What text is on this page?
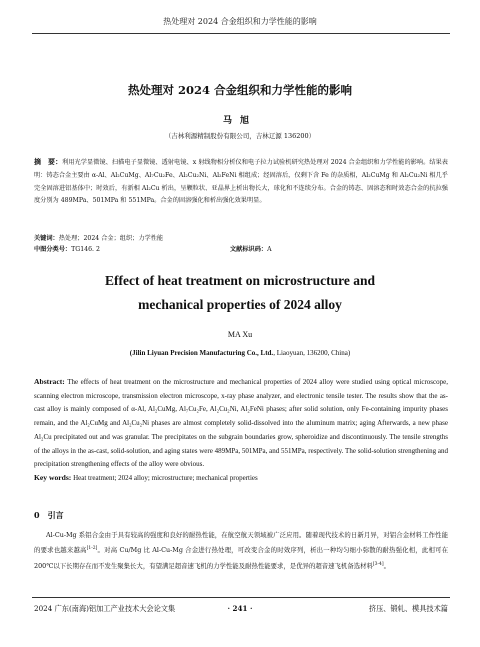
热处理对 2024 合金组织和力学性能的影响
热处理对 2024 合金组织和力学性能的影响
马旭
（吉林利源精制股份有限公司，吉林辽源 136200）
摘　要：利用光学显微镜、扫描电子显微镜、透射电镜、x 射线物相分析仪和电子拉力试验机研究热处理对 2024 合金组织和力学性能的影响。结果表明：铸态合金主要由 α-Al、Al₂CuMg、Al₇Cu₂Fe、Al₂Cu₂Ni、Al₂FeNi 相组成；经固溶后，仅剩下含 Fe 的杂质相，Al₂CuMg 和 Al₂Cu₂Ni 相几乎完全固溶进铝基体中；时效后，有新相 Al₂Cu 析出，呈颗粒状、亚晶界上析出物长大，球化和不连续分布。合金的铸态、固溶态和时效态合金的抗拉强度分别为 489MPa、501MPa 和 551MPa。合金的固溶强化和析出强化效果明显。
关键词：热处理；2024 合金；组织；力学性能
中图分类号：TG146. 2	文献标识码：A
Effect of heat treatment on microstructure and
mechanical properties of 2024 alloy
MA Xu
(Jilin Liyuan Precision Manufacturing Co., Ltd., Liaoyuan, 136200, China)
Abstract: The effects of heat treatment on the microstructure and mechanical properties of 2024 alloy were studied using optical microscope, scanning electron microscope, transmission electron microscope, x-ray phase analyzer, and electronic tensile tester. The results show that the as-cast alloy is mainly composed of α-Al, Al₂CuMg, Al₇Cu₂Fe, Al₂Cu₂Ni, Al₂FeNi phases; after solid solution, only Fe-containing impurity phases remain, and the Al₂CuMg and Al₂Cu₂Ni phases are almost completely solid-dissolved into the aluminum matrix; aging Afterwards, a new phase Al₂Cu precipitated out and was granular. The precipitates on the subgrain boundaries grow, spheroidize and discontinuously. The tensile strengths of the alloys in the as-cast, solid-solution, and aging states were 489MPa, 501MPa, and 551MPa, respectively. The solid-solution strengthening and precipitation strengthening effects of the alloy were obvious.
Key words: Heat treatment; 2024 alloy; microstructure; mechanical properties
0　引言
Al-Cu-Mg 系铝合金由于具有较高的强度和良好的耐热性能，在航空航天领域被广泛应用。随着现代技术的日新月异，对铝合金材料工作性能的要求也越来越高[1-2]。对高 Cu/Mg 比 Al-Cu-Mg 合金进行热处理，可改变合金的时效序列，析出一种均匀细小弥散的耐热强化相，此相可在 200℃以下长期存在而不发生聚集长大，有望满足超音速飞机的力学性能及耐热性能要求，是优异的超音速飞机备选材料[3-4]。
2024 广东(南海)铝加工产业技术大会论文集	· 241 ·	挤压、锻轧、模具技术篇
